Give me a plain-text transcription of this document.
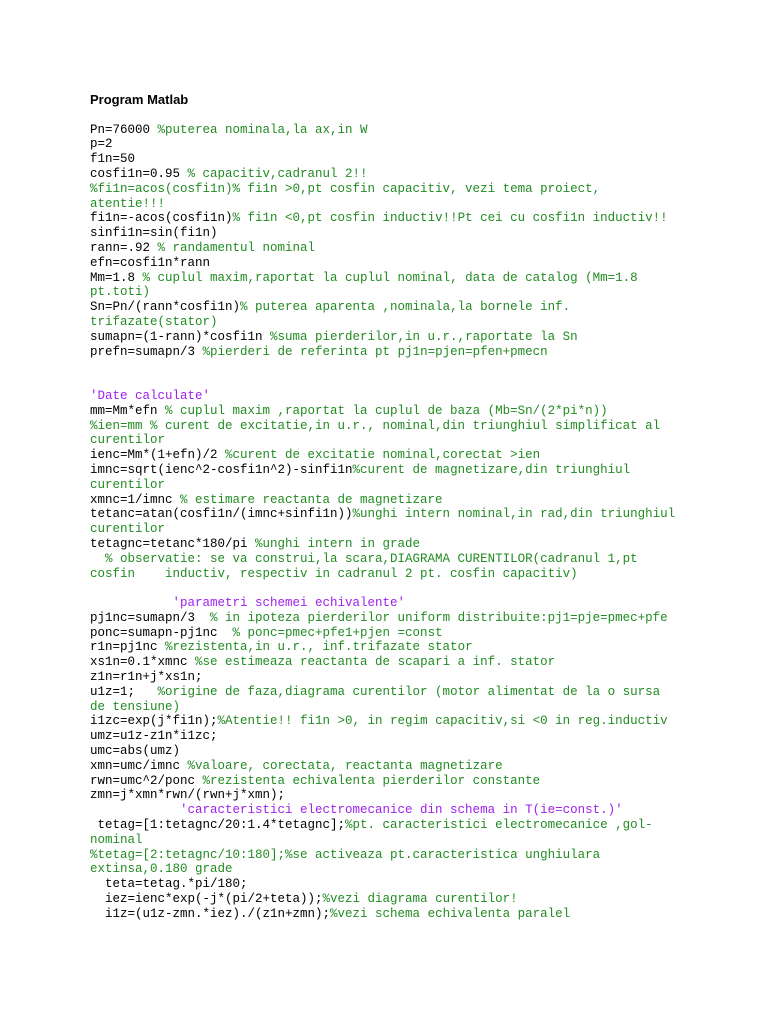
Program Matlab
Pn=76000 %puterea nominala,la ax,in W
p=2
f1n=50
cosfi1n=0.95 % capacitiv,cadranul 2!!
%fi1n=acos(cosfi1n)% fi1n >0,pt cosfin capacitiv, vezi tema proiect,
atentie!!!
fi1n=-acos(cosfi1n)% fi1n <0,pt cosfin inductiv!!Pt cei cu cosfi1n inductiv!!
sinfi1n=sin(fi1n)
rann=.92 % randamentul nominal
efn=cosfi1n*rann
Mm=1.8 % cuplul maxim,raportat la cuplul nominal, data de catalog (Mm=1.8
pt.toti)
Sn=Pn/(rann*cosfi1n)% puterea aparenta ,nominala,la bornele inf.
trifazate(stator)
sumapn=(1-rann)*cosfi1n %suma pierderilor,in u.r.,raportate la Sn
prefn=sumapn/3 %pierderi de referinta pt pj1n=pjen=pfen+pmecn
'Date calculate'
mm=Mm*efn % cuplul maxim ,raportat la cuplul de baza (Mb=Sn/(2*pi*n))
%ien=mm % curent de excitatie,in u.r., nominal,din triunghiul simplificat al
curentilor
ienc=Mm*(1+efn)/2 %curent de excitatie nominal,corectat >ien
imnc=sqrt(ienc^2-cosfi1n^2)-sinfi1n%curent de magnetizare,din triunghiul
curentilor
xmnc=1/imnc % estimare reactanta de magnetizare
tetanc=atan(cosfi1n/(imnc+sinfi1n))%unghi intern nominal,in rad,din triunghiul
curentilor
tetagnc=tetanc*180/pi %unghi intern in grade
% observatie: se va construi,la scara,DIAGRAMA CURENTILOR(cadranul 1,pt
cosfin    inductiv, respectiv in cadranul 2 pt. cosfin capacitiv)
'parametri schemei echivalente'
pj1nc=sumapn/3  % in ipoteza pierderilor uniform distribuite:pj1=pje=pmec+pfe
ponc=sumapn-pj1nc  % ponc=pmec+pfe1+pjen =const
r1n=pj1nc %rezistenta,in u.r., inf.trifazate stator
xs1n=0.1*xmnc %se estimeaza reactanta de scapari a inf. stator
z1n=r1n+j*xs1n;
u1z=1;   %origine de faza,diagrama curentilor (motor alimentat de la o sursa
de tensiune)
i1zc=exp(j*fi1n);%Atentie!! fi1n >0, in regim capacitiv,si <0 in reg.inductiv
umz=u1z-z1n*i1zc;
umc=abs(umz)
xmn=umc/imnc %valoare, corectata, reactanta magnetizare
rwn=umc^2/ponc %rezistenta echivalenta pierderilor constante
zmn=j*xmn*rwn/(rwn+j*xmn);
'caracteristici electromecanice din schema in T(ie=const.)'
tetag=[1:tetagnc/20:1.4*tetagnc];%pt. caracteristici electromecanice ,gol-
nominal
%tetag=[2:tetagnc/10:180];%se activeaza pt.caracteristica unghiulara
extinsa,0.180 grade
teta=tetag.*pi/180;
iez=ienc*exp(-j*(pi/2+teta));%vezi diagrama curentilor!
i1z=(u1z-zmn.*iez)./(z1n+zmn);%vezi schema echivalenta paralel
